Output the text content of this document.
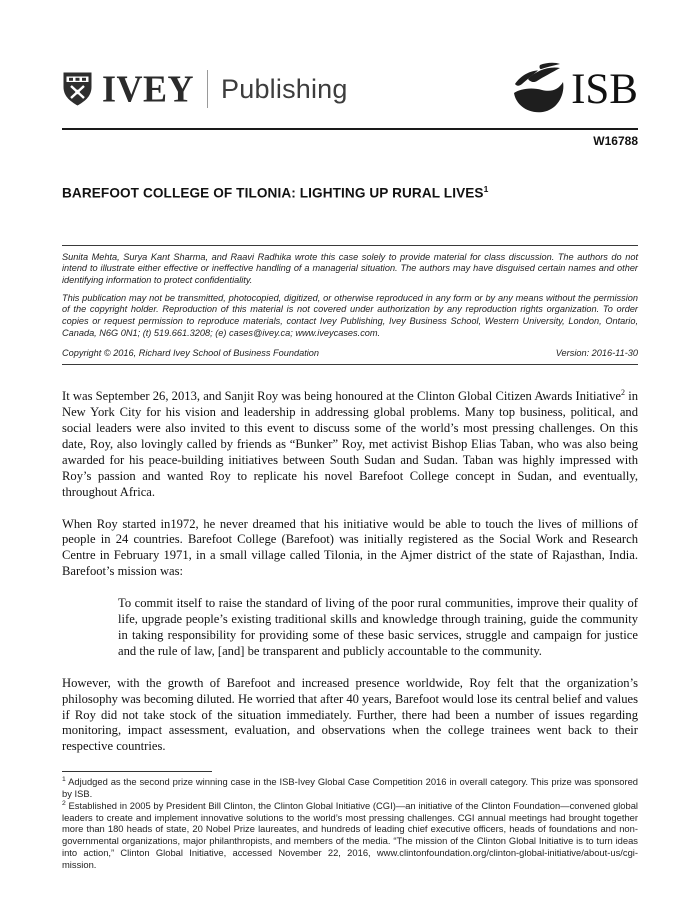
IVEY Publishing	ISB
W16788
BAREFOOT COLLEGE OF TILONIA: LIGHTING UP RURAL LIVES$^1$

Sunita Mehta, Surya Kant Sharma, and Raavi Radhika wrote this case solely to provide material for class discussion. The authors do not intend to illustrate either effective or ineffective handling of a managerial situation. The authors may have disguised certain names and other identifying information to protect confidentiality.

This publication may not be transmitted, photocopied, digitized, or otherwise reproduced in any form or by any means without the permission of the copyright holder. Reproduction of this material is not covered under authorization by any reproduction rights organization. To order copies or request permission to reproduce materials, contact Ivey Publishing, Ivey Business School, Western University, London, Ontario, Canada, N6G 0N1; (t) 519.661.3208; (e) cases@ivey.ca; www.iveycases.com.

Copyright © 2016, Richard Ivey School of Business Foundation	Version: 2016-11-30

It was September 26, 2013, and Sanjit Roy was being honoured at the Clinton Global Citizen Awards Initiative$^2$ in New York City for his vision and leadership in addressing global problems. Many top business, political, and social leaders were also invited to this event to discuss some of the world’s most pressing challenges. On this date, Roy, also lovingly called by friends as “Bunker” Roy, met activist Bishop Elias Taban, who was also being awarded for his peace-building initiatives between South Sudan and Sudan. Taban was highly impressed with Roy’s passion and wanted Roy to replicate his novel Barefoot College concept in Sudan, and eventually, throughout Africa.

When Roy started in1972, he never dreamed that his initiative would be able to touch the lives of millions of people in 24 countries. Barefoot College (Barefoot) was initially registered as the Social Work and Research Centre in February 1971, in a small village called Tilonia, in the Ajmer district of the state of Rajasthan, India. Barefoot’s mission was:

To commit itself to raise the standard of living of the poor rural communities, improve their quality of life, upgrade people’s existing traditional skills and knowledge through training, guide the community in taking responsibility for providing some of these basic services, struggle and campaign for justice and the rule of law, [and] be transparent and publicly accountable to the community.

However, with the growth of Barefoot and increased presence worldwide, Roy felt that the organization’s philosophy was becoming diluted. He worried that after 40 years, Barefoot would lose its central belief and values if Roy did not take stock of the situation immediately. Further, there had been a number of issues regarding monitoring, impact assessment, evaluation, and observations when the college trainees went back to their respective countries.

$^1$ Adjudged as the second prize winning case in the ISB-Ivey Global Case Competition 2016 in overall category. This prize was sponsored by ISB.

$^2$ Established in 2005 by President Bill Clinton, the Clinton Global Initiative (CGI)—an initiative of the Clinton Foundation—convened global leaders to create and implement innovative solutions to the world’s most pressing challenges. CGI annual meetings had brought together more than 180 heads of state, 20 Nobel Prize laureates, and hundreds of leading chief executive officers, heads of foundations and non-governmental organizations, major philanthropists, and members of the media. “The mission of the Clinton Global Initiative is to turn ideas into action,” Clinton Global Initiative, accessed November 22, 2016, www.clintonfoundation.org/clinton-global-initiative/about-us/cgi-mission.
